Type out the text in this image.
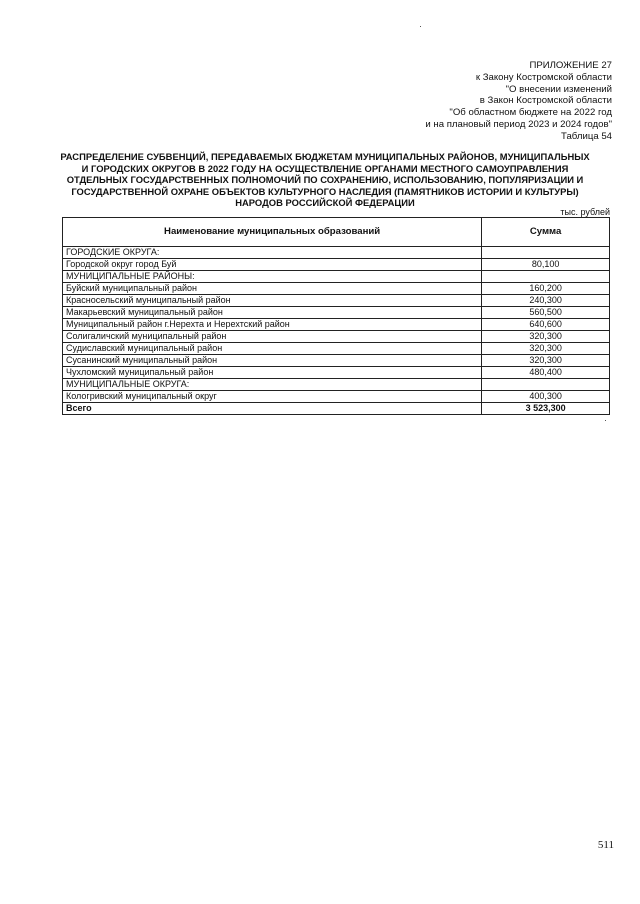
ПРИЛОЖЕНИЕ 27
к Закону Костромской области
"О внесении изменений
в Закон Костромской области
"Об областном бюджете на 2022 год
и на плановый период 2023 и 2024 годов"
Таблица 54
РАСПРЕДЕЛЕНИЕ СУБВЕНЦИЙ, ПЕРЕДАВАЕМЫХ БЮДЖЕТАМ МУНИЦИПАЛЬНЫХ РАЙОНОВ, МУНИЦИПАЛЬНЫХ И ГОРОДСКИХ ОКРУГОВ В 2022 ГОДУ НА ОСУЩЕСТВЛЕНИЕ ОРГАНАМИ МЕСТНОГО САМОУПРАВЛЕНИЯ ОТДЕЛЬНЫХ ГОСУДАРСТВЕННЫХ ПОЛНОМОЧИЙ ПО СОХРАНЕНИЮ, ИСПОЛЬЗОВАНИЮ, ПОПУЛЯРИЗАЦИИ И ГОСУДАРСТВЕННОЙ ОХРАНЕ ОБЪЕКТОВ КУЛЬТУРНОГО НАСЛЕДИЯ (ПАМЯТНИКОВ ИСТОРИИ И КУЛЬТУРЫ) НАРОДОВ РОССИЙСКОЙ ФЕДЕРАЦИИ
тыс. рублей
Наименование муниципальных образований	Сумма
ГОРОДСКИЕ ОКРУГА:	
Городской округ город Буй	80,100
МУНИЦИПАЛЬНЫЕ РАЙОНЫ:	
Буйский муниципальный район	160,200
Красносельский муниципальный район	240,300
Макарьевский муниципальный район	560,500
Муниципальный район г.Нерехта и Нерехтский район	640,600
Солигаличский муниципальный район	320,300
Судиславский муниципальный район	320,300
Сусанинский муниципальный район	320,300
Чухломский муниципальный район	480,400
МУНИЦИПАЛЬНЫЕ ОКРУГА:	
Кологривский муниципальный округ	400,300
Всего	3 523,300
511
